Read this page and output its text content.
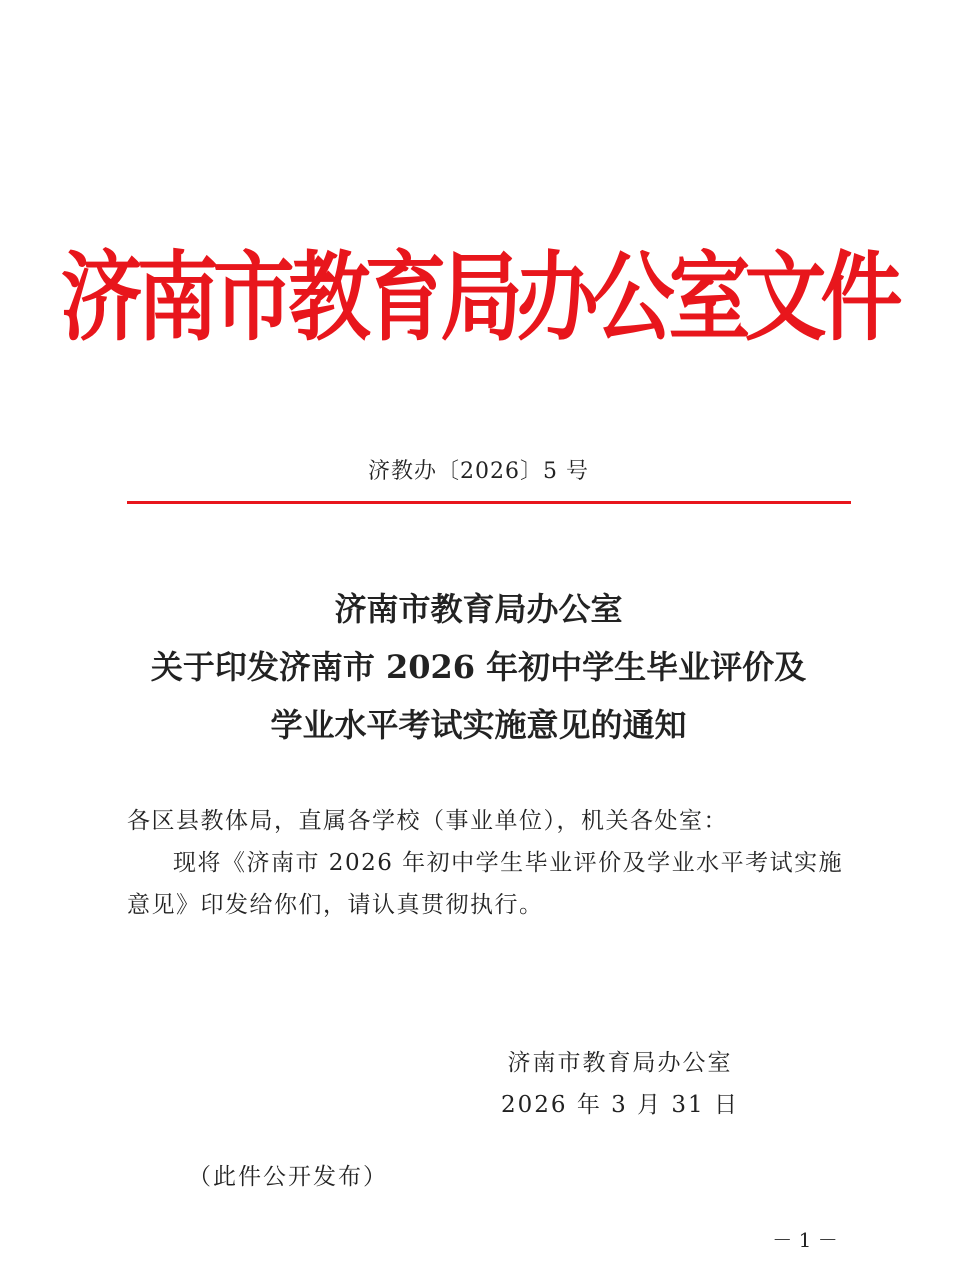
济南市教育局办公室文件
济教办〔2026〕5 号
济南市教育局办公室
关于印发济南市 2026 年初中学生毕业评价及
学业水平考试实施意见的通知

各区县教体局，直属各学校（事业单位），机关各处室：

现将《济南市 2026 年初中学生毕业评价及学业水平考试实施意见》印发给你们，请认真贯彻执行。

济南市教育局办公室
2026 年 3 月 31 日
（此件公开发布）
－ 1 －
